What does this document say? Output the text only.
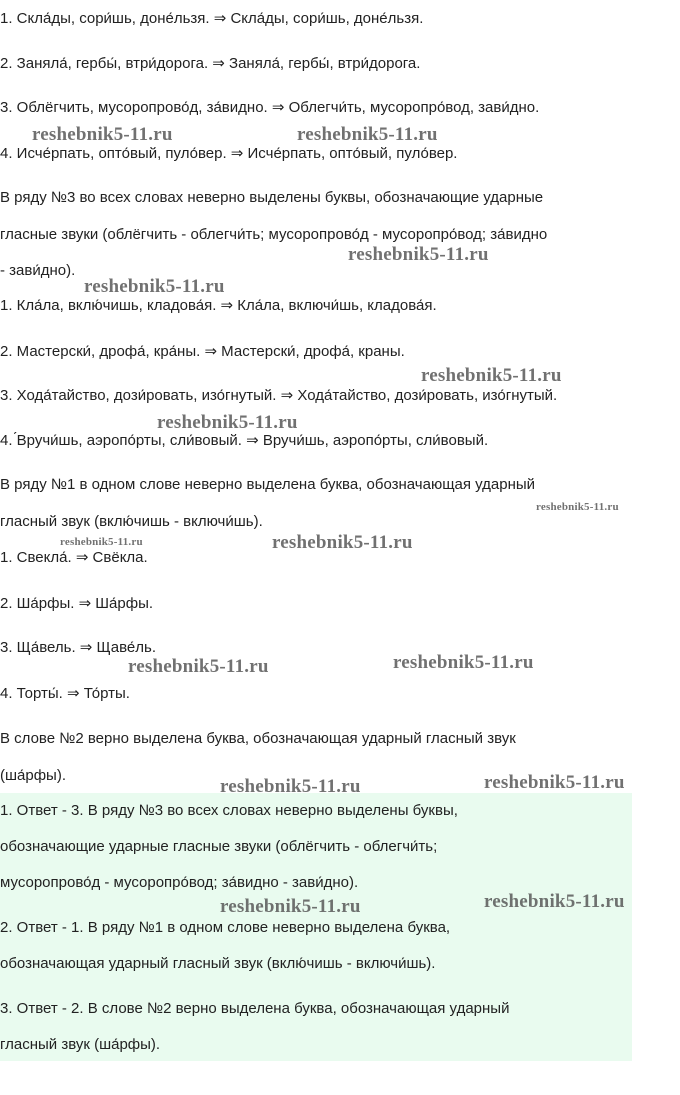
1. Скла́ды, сори́шь, доне́льзя. ⇒ Скла́ды, сори́шь, доне́льзя.
2. Заняла́, гербы́, втри́дорога. ⇒ Заняла́, гербы́, втри́дорога.
3. Облёгчить, мусоропрово́д, за́видно. ⇒ Облегчи́ть, мусоропро́вод, зави́дно.
4. Исче́рпать, опто́вый, пуло́вер. ⇒ Исче́рпать, опто́вый, пуло́вер.
В ряду №3 во всех словах неверно выделены буквы, обозначающие ударные
гласные звуки (облёгчить - облегчи́ть; мусоропрово́д - мусоропро́вод; за́видно
- зави́дно).
1. Кла́ла, вклю́чишь, кладова́я. ⇒ Кла́ла, включи́шь, кладова́я.
2. Мастерски́, дрофа́, кра́ны. ⇒ Мастерски́, дрофа́, краны.
3. Хода́тайство, дози́ровать, изо́гнутый. ⇒ Хода́тайство, дози́ровать, изо́гнутый.
4. ́Вручи́шь, аэропо́рты, сли́вовый. ⇒ Вручи́шь, аэропо́рты, сли́вовый.
В ряду №1 в одном слове неверно выделена буква, обозначающая ударный
гласный звук (вклю́чишь - включи́шь).
1. Свекла́. ⇒ Свёкла.
2. Ша́рфы. ⇒ Ша́рфы.
3. Ща́вель. ⇒ Щаве́ль.
4. Торты́. ⇒ То́рты.
В слове №2 верно выделена буква, обозначающая ударный гласный звук
(ша́рфы).
1. Ответ - 3. В ряду №3 во всех словах неверно выделены буквы,
обозначающие ударные гласные звуки (облёгчить - облегчи́ть;
мусоропрово́д - мусоропро́вод; за́видно - зави́дно).
2. Ответ - 1. В ряду №1 в одном слове неверно выделена буква,
обозначающая ударный гласный звук (вклю́чишь - включи́шь).
3. Ответ - 2. В слове №2 верно выделена буква, обозначающая ударный
гласный звук (ша́рфы).
reshebnik5-11.ru	reshebnik5-11.ru
reshebnik5-11.ru
reshebnik5-11.ru
reshebnik5-11.ru
reshebnik5-11.ru
reshebnik5-11.ru
reshebnik5-11.ru	reshebnik5-11.ru
reshebnik5-11.ru
reshebnik5-11.ru
reshebnik5-11.ru
reshebnik5-11.ru
reshebnik5-11.ru
reshebnik5-11.ru
